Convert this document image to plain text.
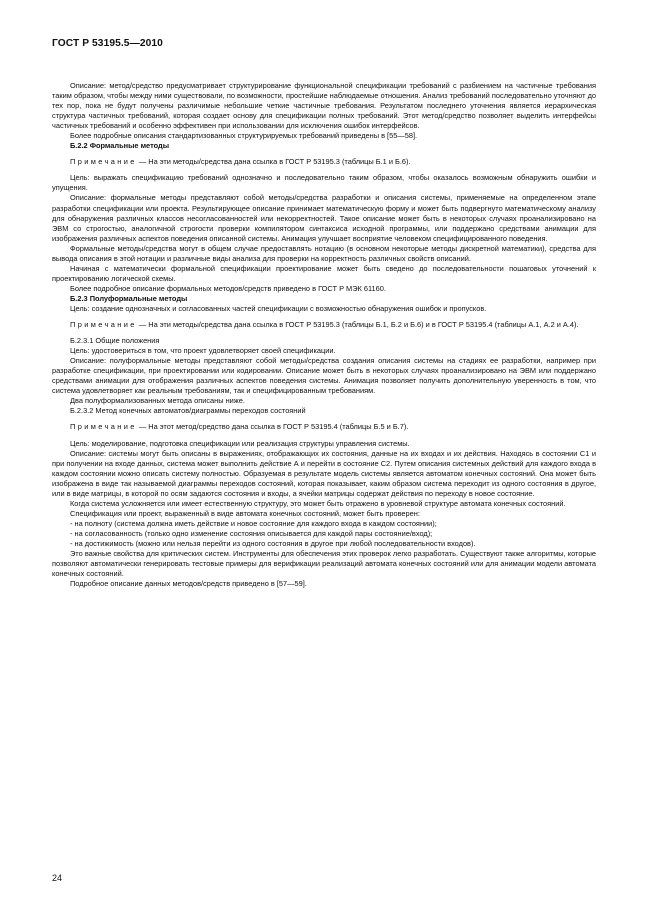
ГОСТ Р 53195.5—2010

Описание: метод/средство предусматривает структурирование функциональной спецификации требований с разбиением на частичные требования таким образом, чтобы между ними существовали, по возможности, простейшие наблюдаемые отношения. Анализ требований последовательно уточняют до тех пор, пока не будут получены различимые небольшие четкие частичные требования. Результатом последнего уточнения является иерархическая структура частичных требований, которая создает основу для спецификации полных требований. Этот метод/средство позволяет выделить интерфейсы частичных требований и особенно эффективен при использовании для исключения ошибок интерфейсов.

Более подробные описания стандартизованных структурируемых требований приведены в [55—58].

Б.2.2 Формальные методы

Примечание — На эти методы/средства дана ссылка в ГОСТ Р 53195.3 (таблицы Б.1 и Б.6).

Цель: выражать спецификацию требований однозначно и последовательно таким образом, чтобы оказалось возможным обнаружить ошибки и упущения.

Описание: формальные методы представляют собой методы/средства разработки и описания системы, применяемые на определенном этапе разработки спецификации или проекта. Результирующее описание принимает математическую форму и может быть подвергнуто математическому анализу для обнаружения различных классов несогласованностей или некорректностей. Такое описание может быть в некоторых случаях проанализировано на ЭВМ со строгостью, аналогичной строгости проверки компилятором синтаксиса исходной программы, или поддержано средствами анимации для изображения различных аспектов поведения описанной системы. Анимация улучшает восприятие человеком специфицированного поведения.

Формальные методы/средства могут в общем случае предоставлять нотацию (в основном некоторые методы дискретной математики), средства для вывода описания в этой нотации и различные виды анализа для проверки на корректность различных свойств описаний.

Начиная с математически формальной спецификации проектирование может быть сведено до последовательности пошаговых уточнений к проектированию логической схемы.

Более подробное описание формальных методов/средств приведено в ГОСТ Р МЭК 61160.

Б.2.3 Полуформальные методы

Цель: создание однозначных и согласованных частей спецификации с возможностью обнаружения ошибок и пропусков.

Примечание — На эти методы/средства дана ссылка в ГОСТ Р 53195.3 (таблицы Б.1, Б.2 и Б.6) и в ГОСТ Р 53195.4 (таблицы А.1, А.2 и А.4).

Б.2.3.1 Общие положения

Цель: удостовериться в том, что проект удовлетворяет своей спецификации.

Описание: полуформальные методы представляют собой методы/средства создания описания системы на стадиях ее разработки, например при разработке спецификации, при проектировании или кодировании. Описание может быть в некоторых случаях проанализировано на ЭВМ или поддержано средствами анимации для отображения различных аспектов поведения системы. Анимация позволяет получить дополнительную уверенность в том, что система удовлетворяет как реальным требованиям, так и специфицированным требованиям.

Два полуформализованных метода описаны ниже.

Б.2.3.2 Метод конечных автоматов/диаграммы переходов состояний

Примечание — На этот метод/средство дана ссылка в ГОСТ Р 53195.4 (таблицы Б.5 и Б.7).

Цель: моделирование, подготовка спецификации или реализация структуры управления системы.

Описание: системы могут быть описаны в выражениях, отображающих их состояния, данные на их входах и их действия. Находясь в состоянии С1 и при получении на входе данных, система может выполнить действие А и перейти в состояние С2. Путем описания системных действий для каждого входа в каждом состоянии можно описать систему полностью. Образуемая в результате модель системы является автоматом конечных состояний. Она может быть изображена в виде так называемой диаграммы переходов состояний, которая показывает, каким образом система переходит из одного состояния в другое, или в виде матрицы, в которой по осям задаются состояния и входы, а ячейки матрицы содержат действия по переходу в новое состояние.

Когда система усложняется или имеет естественную структуру, это может быть отражено в уровневой структуре автомата конечных состояний.

Спецификация или проект, выраженный в виде автомата конечных состояний, может быть проверен:

- на полноту (система должна иметь действие и новое состояние для каждого входа в каждом состоянии);

- на согласованность (только одно изменение состояния описывается для каждой пары состояние/вход);

- на достижимость (можно или нельзя перейти из одного состояния в другое при любой последовательности входов).

Это важные свойства для критических систем. Инструменты для обеспечения этих проверок легко разработать. Существуют также алгоритмы, которые позволяют автоматически генерировать тестовые примеры для верификации реализаций автомата конечных состояний или для анимации модели автомата конечных состояний.

Подробное описание данных методов/средств приведено в [57—59].

24
